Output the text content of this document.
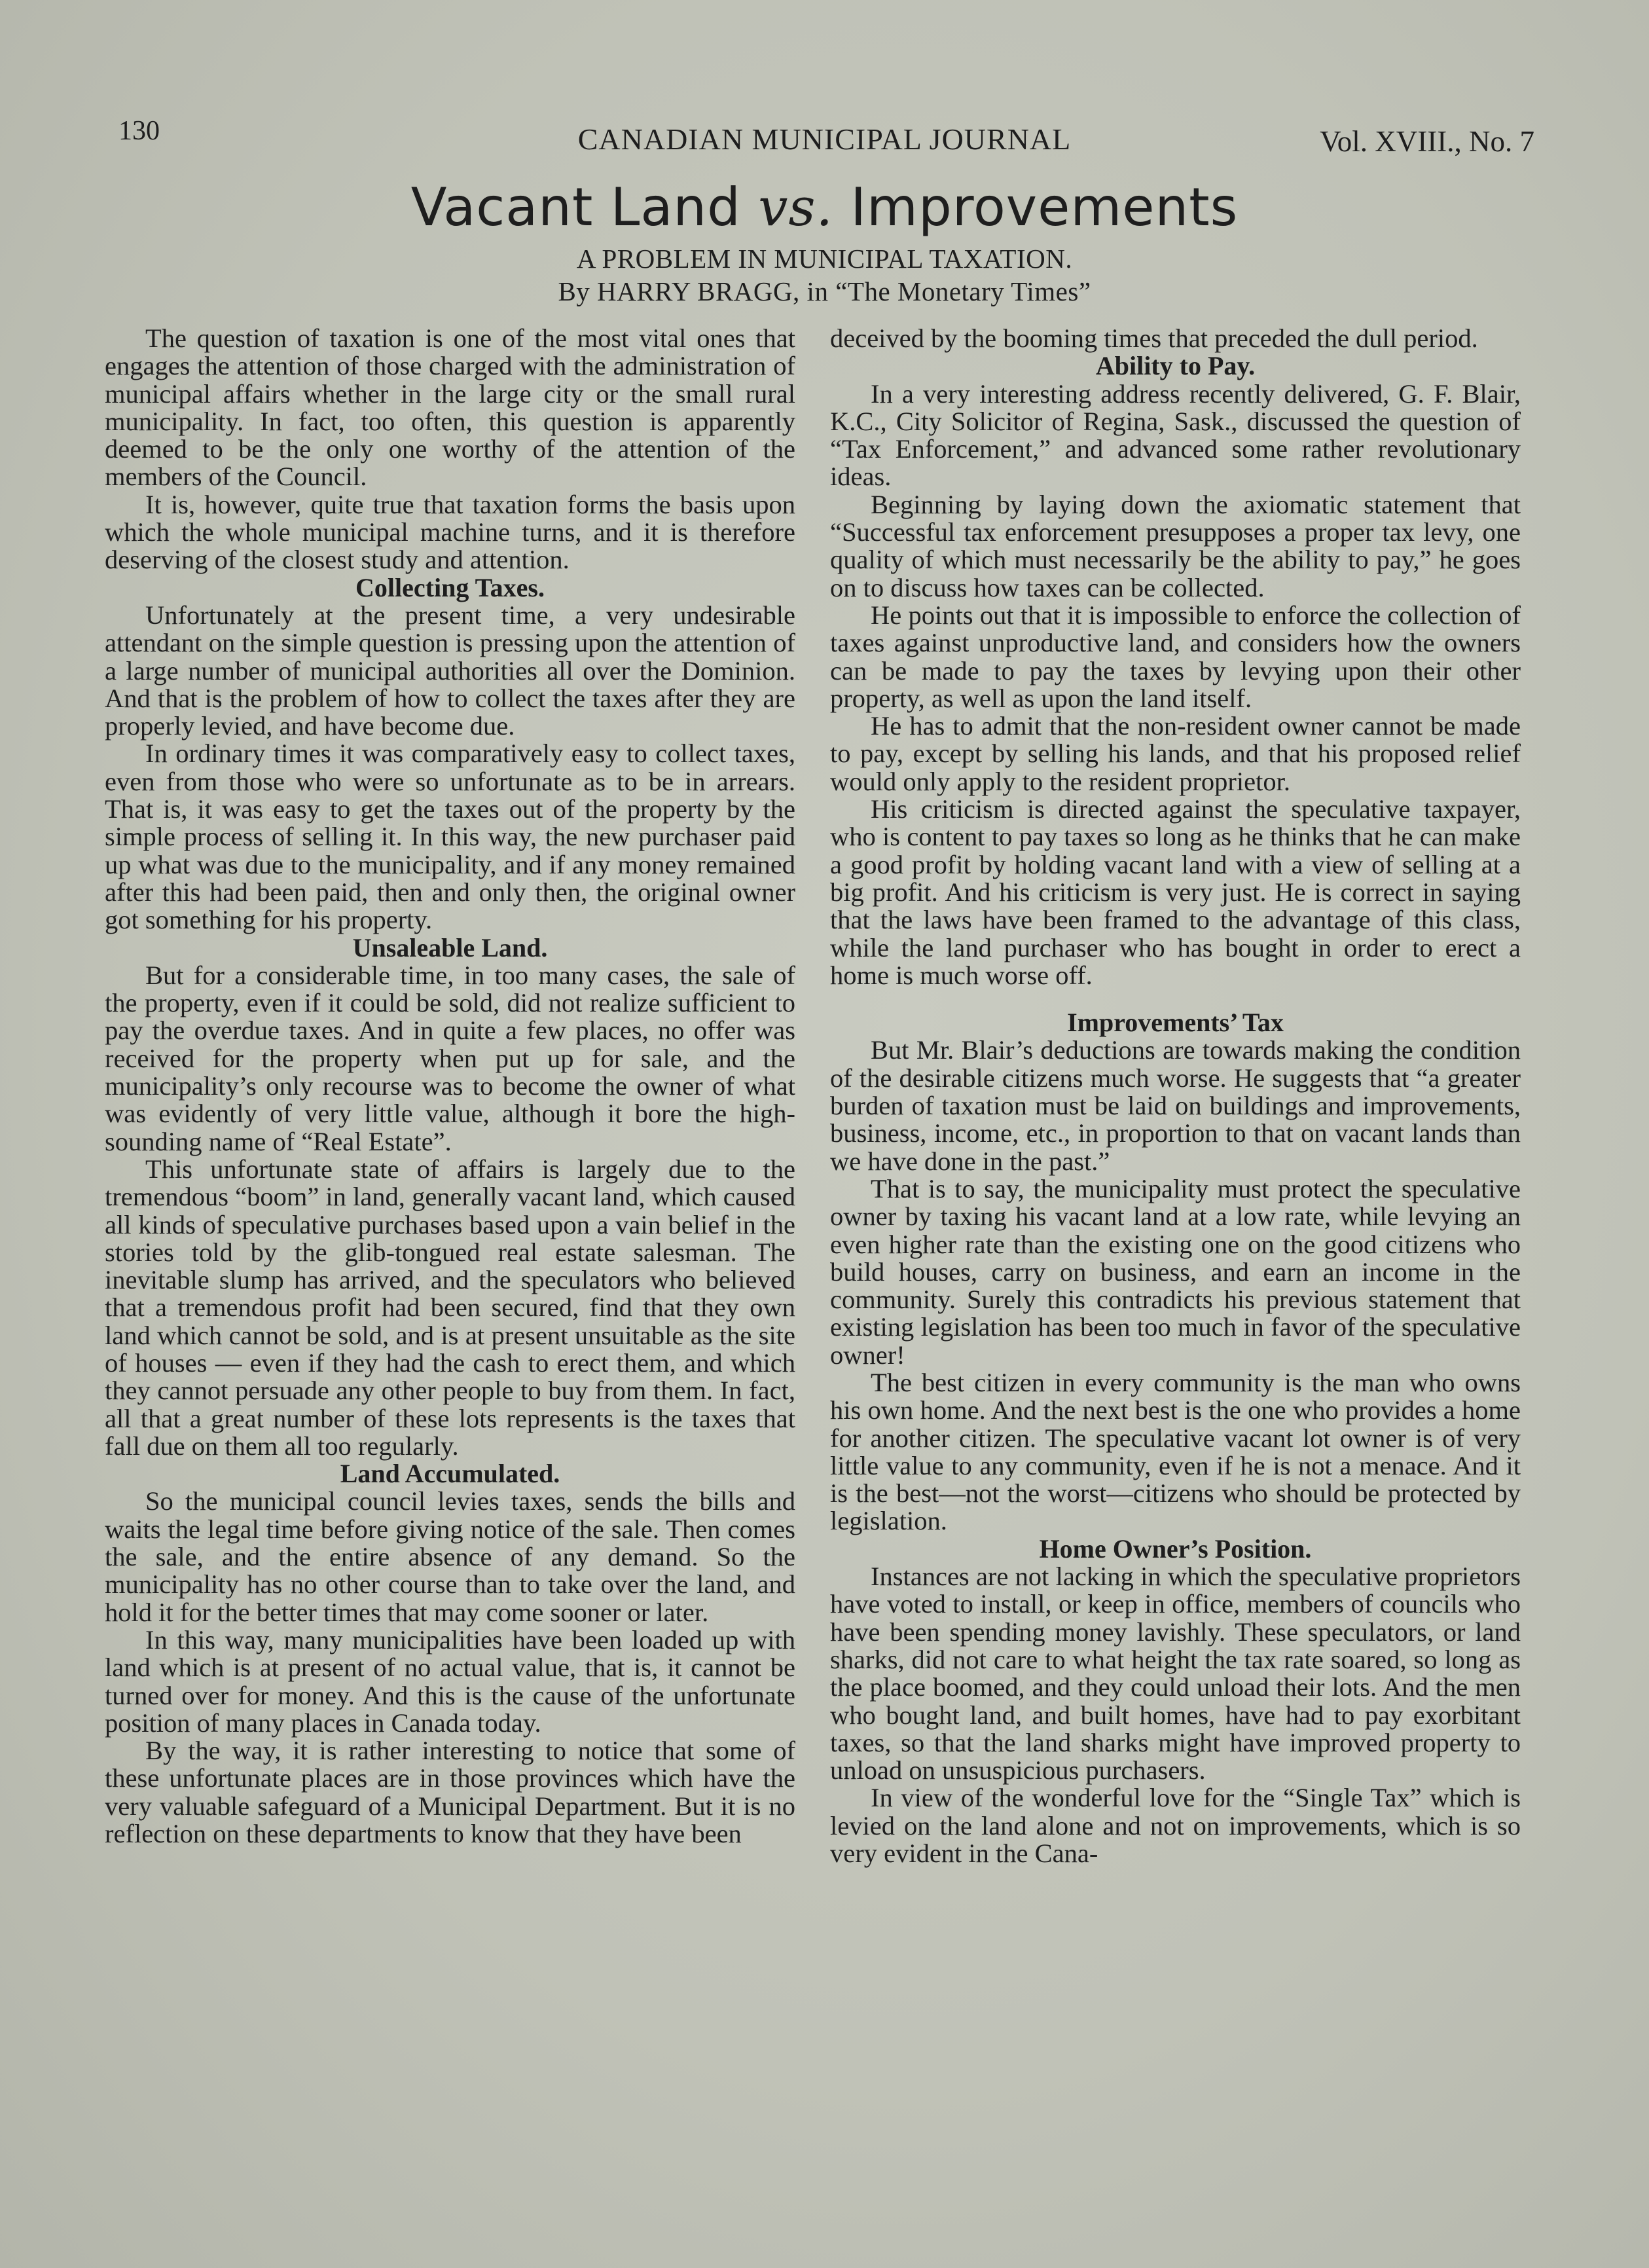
130	CANADIAN MUNICIPAL JOURNAL	Vol. XVIII., No. 7
Vacant Land vs. Improvements
A PROBLEM IN MUNICIPAL TAXATION.
By HARRY BRAGG, in “The Monetary Times”

The question of taxation is one of the most vital ones that engages the attention of those charged with the administration of municipal affairs whether in the large city or the small rural municipality. In fact, too often, this question is apparently deemed to be the only one worthy of the attention of the members of the Council.

It is, however, quite true that taxation forms the basis upon which the whole municipal machine turns, and it is therefore deserving of the closest study and attention.

Collecting Taxes.

Unfortunately at the present time, a very undesirable attendant on the simple question is pressing upon the attention of a large number of municipal authorities all over the Dominion. And that is the problem of how to collect the taxes after they are properly levied, and have become due.

In ordinary times it was comparatively easy to collect taxes, even from those who were so unfortunate as to be in arrears. That is, it was easy to get the taxes out of the property by the simple process of selling it. In this way, the new purchaser paid up what was due to the municipality, and if any money remained after this had been paid, then and only then, the original owner got something for his property.

Unsaleable Land.

But for a considerable time, in too many cases, the sale of the property, even if it could be sold, did not realize sufficient to pay the overdue taxes. And in quite a few places, no offer was received for the property when put up for sale, and the municipality’s only recourse was to become the owner of what was evidently of very little value, although it bore the high-sounding name of “Real Estate”.

This unfortunate state of affairs is largely due to the tremendous “boom” in land, generally vacant land, which caused all kinds of speculative purchases based upon a vain belief in the stories told by the glib-tongued real estate salesman. The inevitable slump has arrived, and the speculators who believed that a tremendous profit had been secured, find that they own land which cannot be sold, and is at present unsuitable as the site of houses — even if they had the cash to erect them, and which they cannot persuade any other people to buy from them. In fact, all that a great number of these lots represents is the taxes that fall due on them all too regularly.

Land Accumulated.

So the municipal council levies taxes, sends the bills and waits the legal time before giving notice of the sale. Then comes the sale, and the entire absence of any demand. So the municipality has no other course than to take over the land, and hold it for the better times that may come sooner or later.

In this way, many municipalities have been loaded up with land which is at present of no actual value, that is, it cannot be turned over for money. And this is the cause of the unfortunate position of many places in Canada today.

By the way, it is rather interesting to notice that some of these unfortunate places are in those provinces which have the very valuable safeguard of a Municipal Department. But it is no reflection on these departments to know that they have been

deceived by the booming times that preceded the dull period.

Ability to Pay.

In a very interesting address recently delivered, G. F. Blair, K.C., City Solicitor of Regina, Sask., discussed the question of “Tax Enforcement,” and advanced some rather revolutionary ideas.

Beginning by laying down the axiomatic statement that “Successful tax enforcement presupposes a proper tax levy, one quality of which must necessarily be the ability to pay,” he goes on to discuss how taxes can be collected.

He points out that it is impossible to enforce the collection of taxes against unproductive land, and considers how the owners can be made to pay the taxes by levying upon their other property, as well as upon the land itself.

He has to admit that the non-resident owner cannot be made to pay, except by selling his lands, and that his proposed relief would only apply to the resident proprietor.

His criticism is directed against the speculative taxpayer, who is content to pay taxes so long as he thinks that he can make a good profit by holding vacant land with a view of selling at a big profit. And his criticism is very just. He is correct in saying that the laws have been framed to the advantage of this class, while the land purchaser who has bought in order to erect a home is much worse off.

Improvements’ Tax

But Mr. Blair’s deductions are towards making the condition of the desirable citizens much worse. He suggests that “a greater burden of taxation must be laid on buildings and improvements, business, income, etc., in proportion to that on vacant lands than we have done in the past.”

That is to say, the municipality must protect the speculative owner by taxing his vacant land at a low rate, while levying an even higher rate than the existing one on the good citizens who build houses, carry on business, and earn an income in the community. Surely this contradicts his previous statement that existing legislation has been too much in favor of the speculative owner!

The best citizen in every community is the man who owns his own home. And the next best is the one who provides a home for another citizen. The speculative vacant lot owner is of very little value to any community, even if he is not a menace. And it is the best—not the worst—citizens who should be protected by legislation.

Home Owner’s Position.

Instances are not lacking in which the speculative proprietors have voted to install, or keep in office, members of councils who have been spending money lavishly. These speculators, or land sharks, did not care to what height the tax rate soared, so long as the place boomed, and they could unload their lots. And the men who bought land, and built homes, have had to pay exorbitant taxes, so that the land sharks might have improved property to unload on unsuspicious purchasers.

In view of the wonderful love for the “Single Tax” which is levied on the land alone and not on improvements, which is so very evident in the Cana-
